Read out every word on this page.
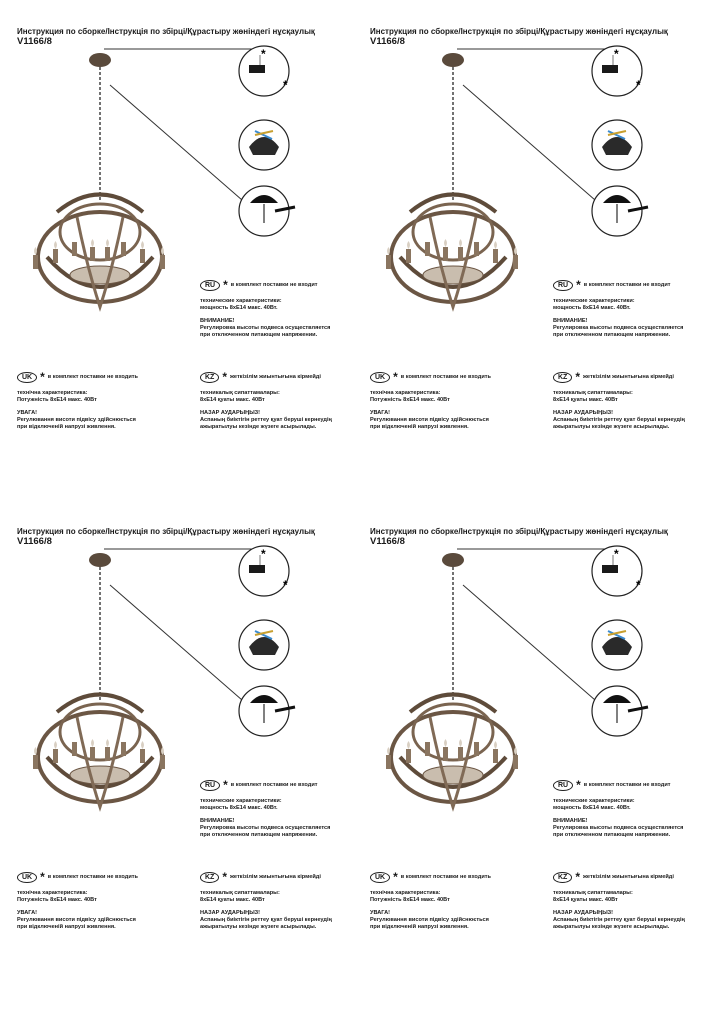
Инструкция по сборке/Інструкція по збірці/Құрастыру жөніндегі нұсқаулық
V1166/8
*
*
RU * в комплект поставки не входит
технические характеристики:
мощность 8хЕ14 макс. 40Вт.
ВНИМАНИЕ!
Регулировка высоты подвеса осуществляется
при отключенном питающем напряжении.
UK * в комплект поставки не входить
технічна характеристика:
Потужність 8хЕ14 макс. 40Вт
УВАГА!
Регулювання висоти підвісу здійснюється
при відключеній напрузі живлення.
KZ * жеткізілім жиынтығына кірмейді
техникалық сипаттамалары:
8хЕ14 қуаты макс. 40Вт
НАЗАР АУДАРЫҢЫЗ!
Аспаның биіктігін реттеу қуат беруші кернеудің
ажыратылуы кезінде жүзеге асырылады.
Инструкция по сборке/Інструкція по збірці/Құрастыру жөніндегі нұсқаулық
V1166/8
*
*
RU * в комплект поставки не входит
технические характеристики:
мощность 8хЕ14 макс. 40Вт.
ВНИМАНИЕ!
Регулировка высоты подвеса осуществляется
при отключенном питающем напряжении.
UK * в комплект поставки не входить
технічна характеристика:
Потужність 8хЕ14 макс. 40Вт
УВАГА!
Регулювання висоти підвісу здійснюється
при відключеній напрузі живлення.
KZ * жеткізілім жиынтығына кірмейді
техникалық сипаттамалары:
8хЕ14 қуаты макс. 40Вт
НАЗАР АУДАРЫҢЫЗ!
Аспаның биіктігін реттеу қуат беруші кернеудің
ажыратылуы кезінде жүзеге асырылады.
Инструкция по сборке/Інструкція по збірці/Құрастыру жөніндегі нұсқаулық
V1166/8
*
*
RU * в комплект поставки не входит
технические характеристики:
мощность 8хЕ14 макс. 40Вт.
ВНИМАНИЕ!
Регулировка высоты подвеса осуществляется
при отключенном питающем напряжении.
UK * в комплект поставки не входить
технічна характеристика:
Потужність 8хЕ14 макс. 40Вт
УВАГА!
Регулювання висоти підвісу здійснюється
при відключеній напрузі живлення.
KZ * жеткізілім жиынтығына кірмейді
техникалық сипаттамалары:
8хЕ14 қуаты макс. 40Вт
НАЗАР АУДАРЫҢЫЗ!
Аспаның биіктігін реттеу қуат беруші кернеудің
ажыратылуы кезінде жүзеге асырылады.
Инструкция по сборке/Інструкція по збірці/Құрастыру жөніндегі нұсқаулық
V1166/8
*
*
RU * в комплект поставки не входит
технические характеристики:
мощность 8хЕ14 макс. 40Вт.
ВНИМАНИЕ!
Регулировка высоты подвеса осуществляется
при отключенном питающем напряжении.
UK * в комплект поставки не входить
технічна характеристика:
Потужність 8хЕ14 макс. 40Вт
УВАГА!
Регулювання висоти підвісу здійснюється
при відключеній напрузі живлення.
KZ * жеткізілім жиынтығына кірмейді
техникалық сипаттамалары:
8хЕ14 қуаты макс. 40Вт
НАЗАР АУДАРЫҢЫЗ!
Аспаның биіктігін реттеу қуат беруші кернеудің
ажыратылуы кезінде жүзеге асырылады.
